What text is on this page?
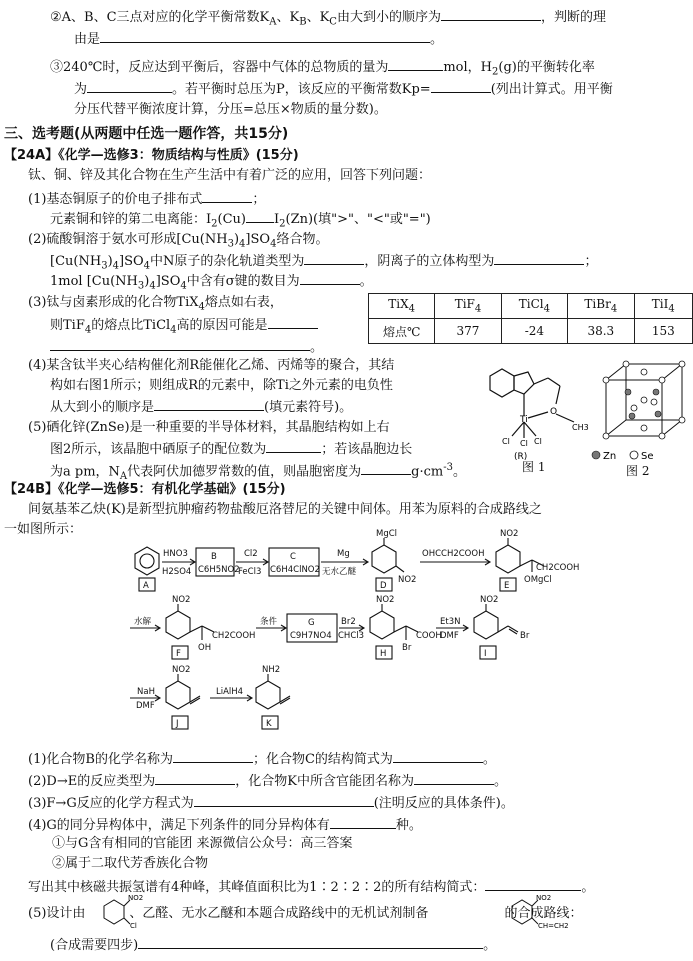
②A、B、C三点对应的化学平衡常数$K_A$、$K_B$、$K_C$由大到小的顺序为	，判断的理
由是	。
③240℃时，反应达到平衡后，容器中气体的总物质的量为	mol，$H_2(g)$的平衡转化率
为	。若平衡时总压为P，该反应的平衡常数Kp=	(列出计算式。用平衡
分压代替平衡浓度计算，分压=总压×物质的量分数)。
三、选考题(从两题中任选一题作答，共15分)
【24A】《化学—选修3：物质结构与性质》(15分)
钛、铜、锌及其化合物在生产生活中有着广泛的应用，回答下列问题：
(1)基态铜原子的价电子排布式	；
元素铜和锌的第二电离能：$I_2(Cu)$ $I_2(Zn)$(填">"、"<"或"=")
(2)硫酸铜溶于氨水可形成$[Cu(NH_3)_4]SO_4$络合物。
$[Cu(NH_3)_4]SO_4$中N原子的杂化轨道类型为	，阴离子的立体构型为	；
1mol $[Cu(NH_3)_4]SO_4$中含有σ键的数目为	。
(3)钛与卤素形成的化合物TiX$_4$熔点如右表，
则TiF$_4$的熔点比TiCl$_4$高的原因可能是
。
TiX$_4$	TiF$_4$	TiCl$_4$	TiBr$_4$	TiI$_4$
熔点℃	377	-24	38.3	153
(4)某含钛半夹心结构催化剂R能催化乙烯、丙烯等的聚合，其结
构如右图1所示；则组成R的元素中，除Ti之外元素的电负性
从大到小的顺序是	(填元素符号)。
(5)硒化锌(ZnSe)是一种重要的半导体材料，其晶胞结构如上右
图2所示，该晶胞中硒原子的配位数为	；若该晶胞边长
为a pm，$N_A$代表阿伏加德罗常数的值，则晶胞密度为	$g\cdot cm^{-3}$。
Ti
O
CH3
Cl Cl Cl
(R)
图 1
Zn Se
图 2
【24B】《化学—选修5：有机化学基础》(15分)
间氨基苯乙炔(K)是新型抗肿瘤药物盐酸厄洛替尼的关键中间体。用苯为原料的合成路线之
一如图所示：
A
HNO3
H2SO4
B
C6H5NO2
Cl2
FeCl3
C
C6H4ClNO2
Mg
无水乙醚
MgCl
NO2
D
OHCCH2COOH
NO2
CH2COOH
OMgCl
E
水解
NO2
CH2COOH
OH
F
条件	G
C9H7NO4
Br2
CHCl3
NO2
COOH
Br
H
Et3N
DMF
NO2
Br
I
NaH
DMF
NO2
J
LiAlH4
NH2
K
(1)化合物B的化学名称为	；化合物C的结构简式为	。
(2)D→E的反应类型为	，化合物K中所含官能团名称为	。
(3)F→G反应的化学方程式为	(注明反应的具体条件)。
(4)G的同分异构体中，满足下列条件的同分异构体有	种。
①与G含有相同的官能团 来源微信公众号：高三答案
②属于二取代芳香族化合物
写出其中核磁共振氢谱有4种峰，其峰值面积比为1∶2∶2∶2的所有结构简式：	。
(5)设计由	、乙醛、无水乙醚和本题合成路线中的无机试剂制备	的合成路线：
NO2
Cl
NO2
CH=CH2
(合成需要四步)	。
